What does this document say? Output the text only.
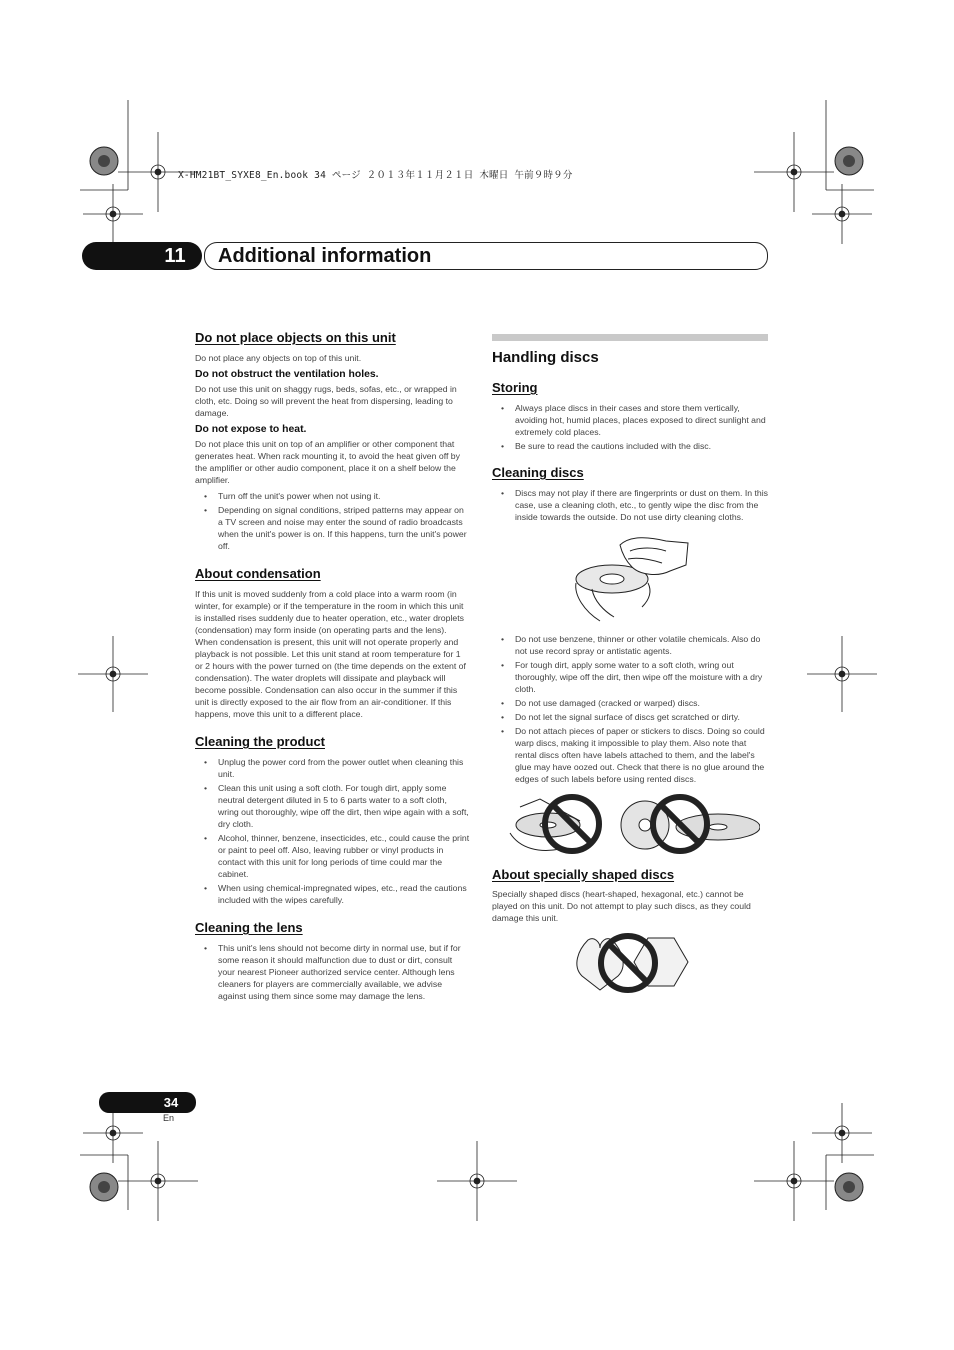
X-HM21BT_SYXE8_En.book 34 ページ ２０１３年１１月２１日 木曜日 午前９時９分
11	Additional information
Do not place objects on this unit

Do not place any objects on top of this unit.

Do not obstruct the ventilation holes.

Do not use this unit on shaggy rugs, beds, sofas, etc., or wrapped in cloth, etc. Doing so will prevent the heat from dispersing, leading to damage.

Do not expose to heat.

Do not place this unit on top of an amplifier or other component that generates heat. When rack mounting it, to avoid the heat given off by the amplifier or other audio component, place it on a shelf below the amplifier.

• Turn off the unit's power when not using it.
• Depending on signal conditions, striped patterns may appear on a TV screen and noise may enter the sound of radio broadcasts when the unit's power is on. If this happens, turn the unit's power off.
About condensation

If this unit is moved suddenly from a cold place into a warm room (in winter, for example) or if the temperature in the room in which this unit is installed rises suddenly due to heater operation, etc., water droplets (condensation) may form inside (on operating parts and the lens). When condensation is present, this unit will not operate properly and playback is not possible. Let this unit stand at room temperature for 1 or 2 hours with the power turned on (the time depends on the extent of condensation). The water droplets will dissipate and playback will become possible. Condensation can also occur in the summer if this unit is directly exposed to the air flow from an air-conditioner. If this happens, move this unit to a different place.

Cleaning the product
• Unplug the power cord from the power outlet when cleaning this unit.
• Clean this unit using a soft cloth. For tough dirt, apply some neutral detergent diluted in 5 to 6 parts water to a soft cloth, wring out thoroughly, wipe off the dirt, then wipe again with a soft, dry cloth.
• Alcohol, thinner, benzene, insecticides, etc., could cause the print or paint to peel off. Also, leaving rubber or vinyl products in contact with this unit for long periods of time could mar the cabinet.
• When using chemical-impregnated wipes, etc., read the cautions included with the wipes carefully.
Cleaning the lens
• This unit's lens should not become dirty in normal use, but if for some reason it should malfunction due to dust or dirt, consult your nearest Pioneer authorized service center. Although lens cleaners for players are commercially available, we advise against using them since some may damage the lens.
Handling discs
Storing
• Always place discs in their cases and store them vertically, avoiding hot, humid places, places exposed to direct sunlight and extremely cold places.
• Be sure to read the cautions included with the disc.
Cleaning discs
• Discs may not play if there are fingerprints or dust on them. In this case, use a cleaning cloth, etc., to gently wipe the disc from the inside towards the outside. Do not use dirty cleaning cloths.
• Do not use benzene, thinner or other volatile chemicals. Also do not use record spray or antistatic agents.
• For tough dirt, apply some water to a soft cloth, wring out thoroughly, wipe off the dirt, then wipe off the moisture with a dry cloth.
• Do not use damaged (cracked or warped) discs.
• Do not let the signal surface of discs get scratched or dirty.
• Do not attach pieces of paper or stickers to discs. Doing so could warp discs, making it impossible to play them. Also note that rental discs often have labels attached to them, and the label's glue may have oozed out. Check that there is no glue around the edges of such labels before using rented discs.
About specially shaped discs

Specially shaped discs (heart-shaped, hexagonal, etc.) cannot be played on this unit. Do not attempt to play such discs, as they could damage this unit.

34
En
